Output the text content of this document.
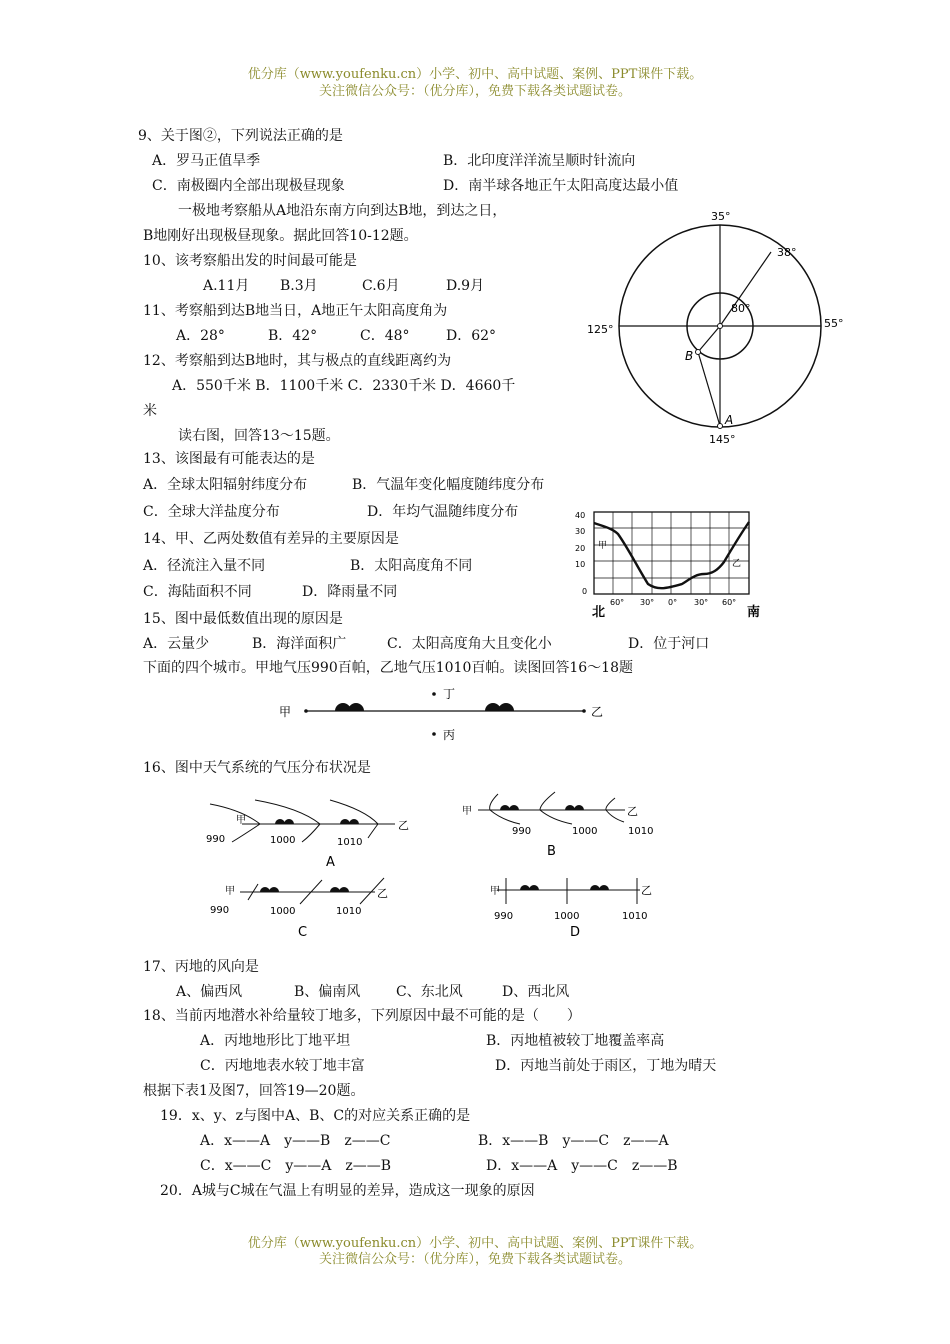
优分库（www.youfenku.cn）小学、初中、高中试题、案例、PPT课件下载。
关注微信公众号：（优分库），免费下载各类试题试卷。
9、关于图②，下列说法正确的是
A．罗马正值旱季	B．北印度洋洋流呈顺时针流向
C．南极圈内全部出现极昼现象	D．南半球各地正午太阳高度达最小值
一极地考察船从A地沿东南方向到达B地，到达之日，
B地刚好出现极昼现象。据此回答10-12题。
10、该考察船出发的时间最可能是
A.11月 B.3月	C.6月	D.9月
11、考察船到达B地当日，A地正午太阳高度角为
A．28°	B．42°	C．48°	D．62°
12、考察船到达B地时，其与极点的直线距离约为
A．550千米 B．1100千米 C．2330千米 D．4660千
米
35°
38°
80°
125°	55°
145°
A
B
读右图，回答13～15题。
13、该图最有可能表达的是
A．全球太阳辐射纬度分布	B．气温年变化幅度随纬度分布
C．全球大洋盐度分布	D．年均气温随纬度分布
14、甲、乙两处数值有差异的主要原因是
A．径流注入量不同	B．太阳高度角不同
C．海陆面积不同	D．降雨量不同
15、图中最低数值出现的原因是
A．云量少	B．海洋面积广	C．太阳高度角大且变化小	D．位于河口
40
30
20
10
0
60° 30° 0° 30° 60°
北	南
甲
乙
下面的四个城市。甲地气压990百帕，乙地气压1010百帕。读图回答16～18题
甲	乙
丁
丙
16、图中天气系统的气压分布状况是
甲	乙
990	1000	1010
A
甲	乙
990	1000	1010
B
甲	乙
990	1000	1010
C
甲	乙
990	1000	1010
D
17、丙地的风向是
A、偏西风	B、偏南风	C、东北风	D、西北风
18、当前丙地潜水补给量较丁地多，下列原因中最不可能的是（　　）
A．丙地地形比丁地平坦	B．丙地植被较丁地覆盖率高
C．丙地地表水较丁地丰富	D．丙地当前处于雨区，丁地为晴天
根据下表1及图7，回答19—20题。
19．x、y、z与图中A、B、C的对应关系正确的是
A．x——A　y——B　z——C	B．x——B　y——C　z——A
C．x——C　y——A　z——B	D．x——A　y——C　z——B
20．A城与C城在气温上有明显的差异，造成这一现象的原因
优分库（www.youfenku.cn）小学、初中、高中试题、案例、PPT课件下载。
关注微信公众号：（优分库），免费下载各类试题试卷。
